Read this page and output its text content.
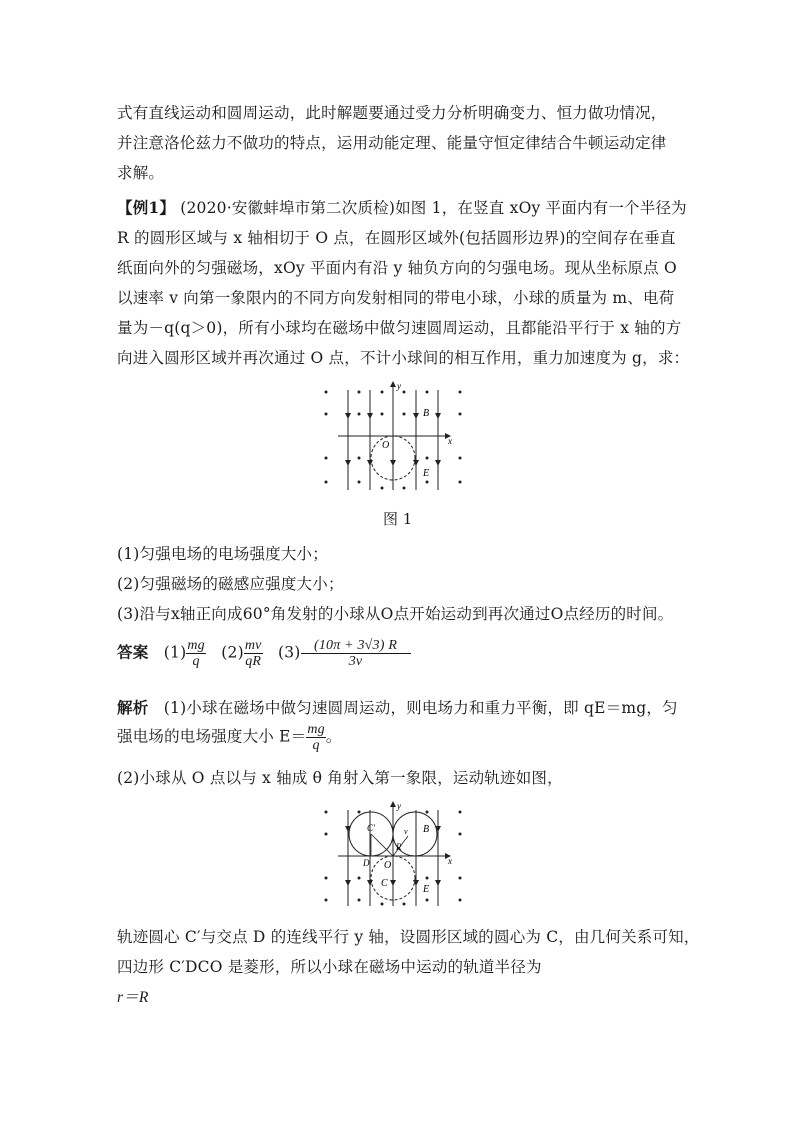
式有直线运动和圆周运动，此时解题要通过受力分析明确变力、恒力做功情况，
并注意洛伦兹力不做功的特点，运用动能定理、能量守恒定律结合牛顿运动定律
求解。
【例1】 (2020·安徽蚌埠市第二次质检)如图 1，在竖直 xOy 平面内有一个半径为
R 的圆形区域与 x 轴相切于 O 点，在圆形区域外(包括圆形边界)的空间存在垂直
纸面向外的匀强磁场，xOy 平面内有沿 y 轴负方向的匀强电场。现从坐标原点 O
以速率 v 向第一象限内的不同方向发射相同的带电小球，小球的质量为 m、电荷
量为－q(q＞0)，所有小球均在磁场中做匀速圆周运动，且都能沿平行于 x 轴的方
向进入圆形区域并再次通过 O 点，不计小球间的相互作用，重力加速度为 g，求：
y
x
O
B
E
图 1
(1)匀强电场的电场强度大小；
(2)匀强磁场的磁感应强度大小；
(3)沿与x轴正向成60°角发射的小球从O点开始运动到再次通过O点经历的时间。
答案 $(1) \frac{mg}{q} (2) \frac{mv}{qR} (3) \frac{(10\pi + 3√3) R}{3v}$
解析 (1)小球在磁场中做匀速圆周运动，则电场力和重力平衡，即 qE＝mg，匀
强电场的电场强度大小 $E= \frac{mg}{q}$ 。
(2)小球从 O 点以与 x 轴成 θ 角射入第一象限，运动轨迹如图，
y
x
O
B
E
C′
C
D
R
v
轨迹圆心 C′与交点 D 的连线平行 y 轴，设圆形区域的圆心为 C，由几何关系可知，
四边形 C′DCO 是菱形，所以小球在磁场中运动的轨道半径为
r＝R
